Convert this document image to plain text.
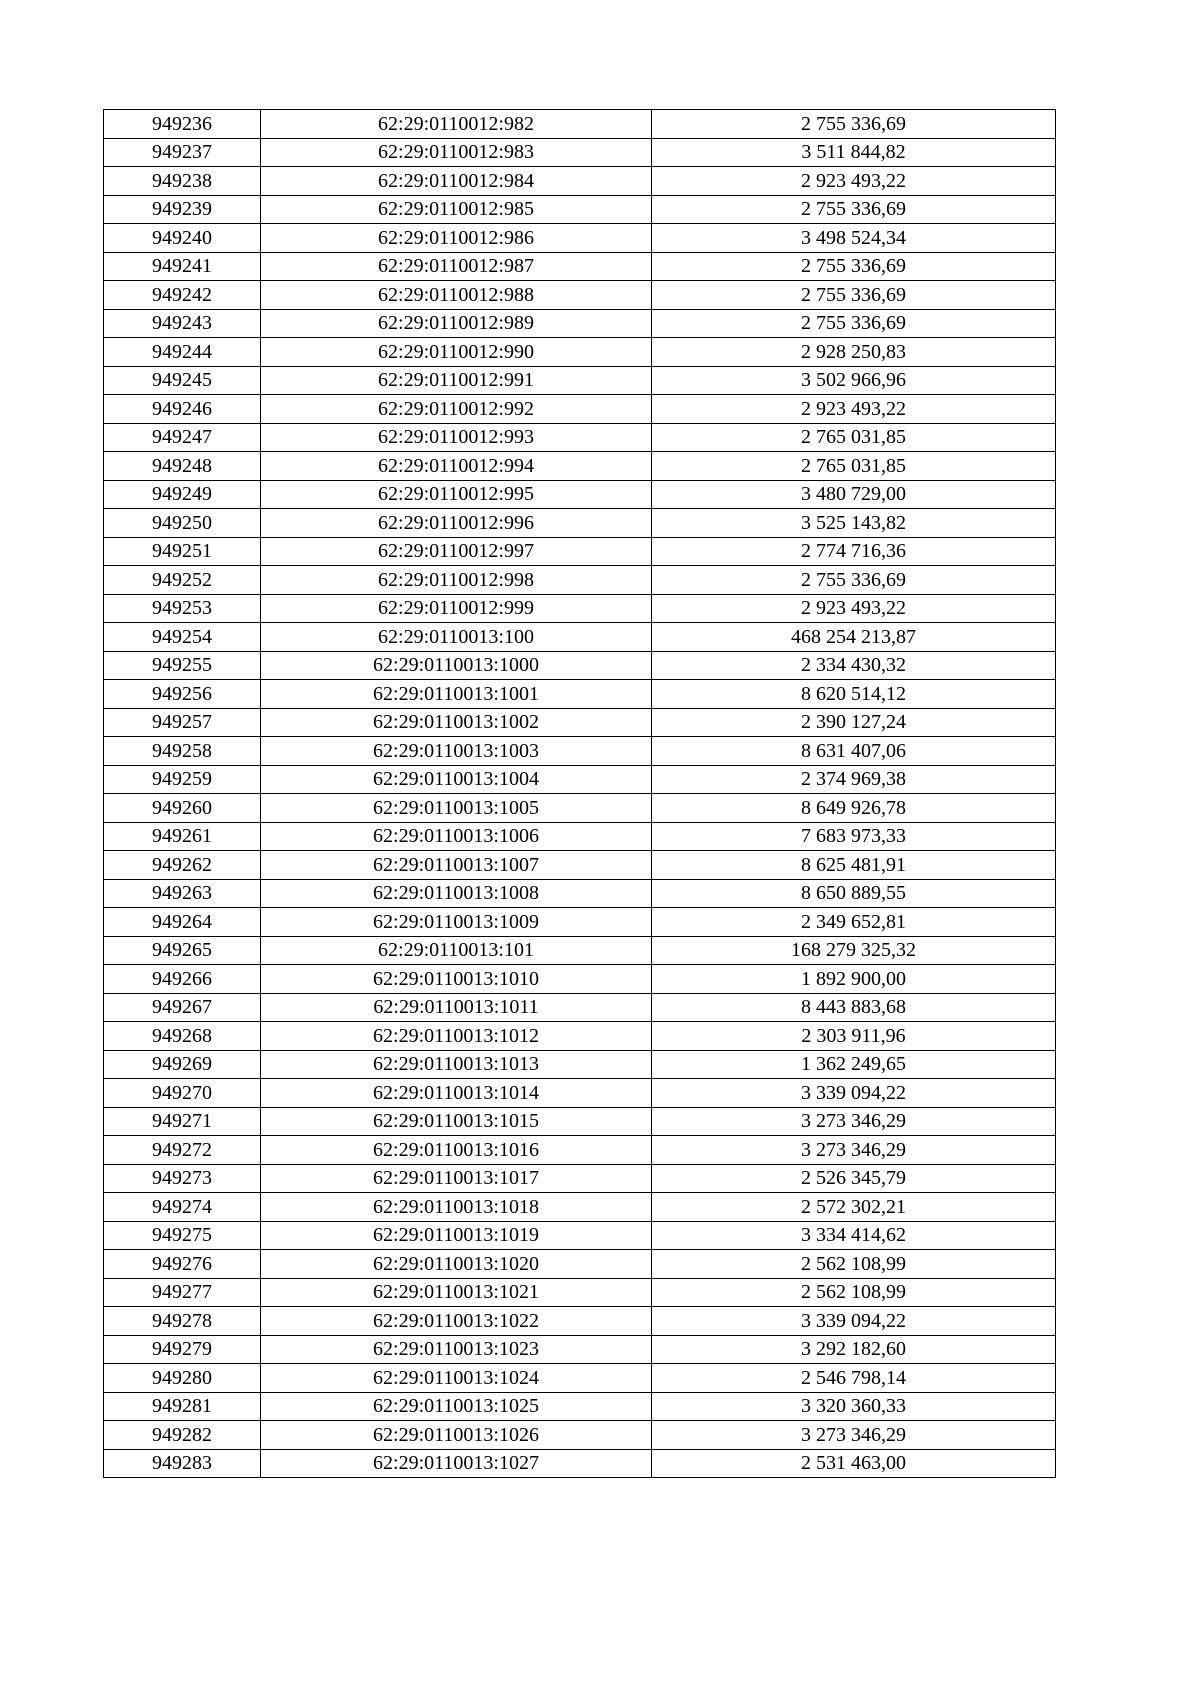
949236	62:29:0110012:982	2 755 336,69
949237	62:29:0110012:983	3 511 844,82
949238	62:29:0110012:984	2 923 493,22
949239	62:29:0110012:985	2 755 336,69
949240	62:29:0110012:986	3 498 524,34
949241	62:29:0110012:987	2 755 336,69
949242	62:29:0110012:988	2 755 336,69
949243	62:29:0110012:989	2 755 336,69
949244	62:29:0110012:990	2 928 250,83
949245	62:29:0110012:991	3 502 966,96
949246	62:29:0110012:992	2 923 493,22
949247	62:29:0110012:993	2 765 031,85
949248	62:29:0110012:994	2 765 031,85
949249	62:29:0110012:995	3 480 729,00
949250	62:29:0110012:996	3 525 143,82
949251	62:29:0110012:997	2 774 716,36
949252	62:29:0110012:998	2 755 336,69
949253	62:29:0110012:999	2 923 493,22
949254	62:29:0110013:100	468 254 213,87
949255	62:29:0110013:1000	2 334 430,32
949256	62:29:0110013:1001	8 620 514,12
949257	62:29:0110013:1002	2 390 127,24
949258	62:29:0110013:1003	8 631 407,06
949259	62:29:0110013:1004	2 374 969,38
949260	62:29:0110013:1005	8 649 926,78
949261	62:29:0110013:1006	7 683 973,33
949262	62:29:0110013:1007	8 625 481,91
949263	62:29:0110013:1008	8 650 889,55
949264	62:29:0110013:1009	2 349 652,81
949265	62:29:0110013:101	168 279 325,32
949266	62:29:0110013:1010	1 892 900,00
949267	62:29:0110013:1011	8 443 883,68
949268	62:29:0110013:1012	2 303 911,96
949269	62:29:0110013:1013	1 362 249,65
949270	62:29:0110013:1014	3 339 094,22
949271	62:29:0110013:1015	3 273 346,29
949272	62:29:0110013:1016	3 273 346,29
949273	62:29:0110013:1017	2 526 345,79
949274	62:29:0110013:1018	2 572 302,21
949275	62:29:0110013:1019	3 334 414,62
949276	62:29:0110013:1020	2 562 108,99
949277	62:29:0110013:1021	2 562 108,99
949278	62:29:0110013:1022	3 339 094,22
949279	62:29:0110013:1023	3 292 182,60
949280	62:29:0110013:1024	2 546 798,14
949281	62:29:0110013:1025	3 320 360,33
949282	62:29:0110013:1026	3 273 346,29
949283	62:29:0110013:1027	2 531 463,00
